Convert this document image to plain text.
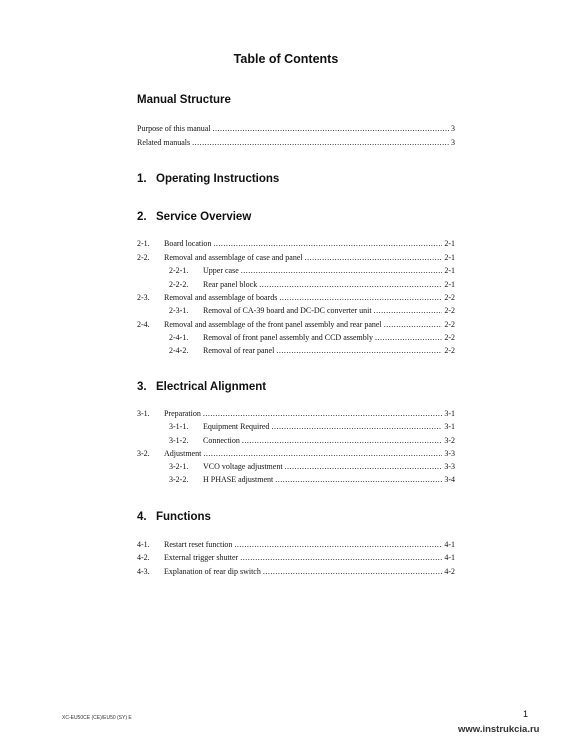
Table of Contents
Manual Structure
Purpose of this manual .....	3
Related manuals .....	3
1. Operating Instructions
2. Service Overview
2-1.	Board location .....	2-1
2-2.	Removal and assemblage of case and panel .....	2-1
2-2-1.	Upper case .....	2-1
2-2-2.	Rear panel block .....	2-1
2-3.	Removal and assemblage of boards .....	2-2
2-3-1.	Removal of CA-39 board and DC-DC converter unit .....	2-2
2-4.	Removal and assemblage of the front panel assembly and rear panel .....	2-2
2-4-1.	Removal of front panel assembly and CCD assembly .....	2-2
2-4-2.	Removal of rear panel .....	2-2
3. Electrical Alignment
3-1.	Preparation .....	3-1
3-1-1.	Equipment Required .....	3-1
3-1-2.	Connection .....	3-2
3-2.	Adjustment .....	3-3
3-2-1.	VCO voltage adjustment .....	3-3
3-2-2.	H PHASE adjustment .....	3-4
4. Functions
4-1.	Restart reset function .....	4-1
4-2.	External trigger shutter .....	4-1
4-3.	Explanation of rear dip switch .....	4-2
XC-EU50CE (CE)/EU50 (SY) E	1
www.instrukcia.ru
